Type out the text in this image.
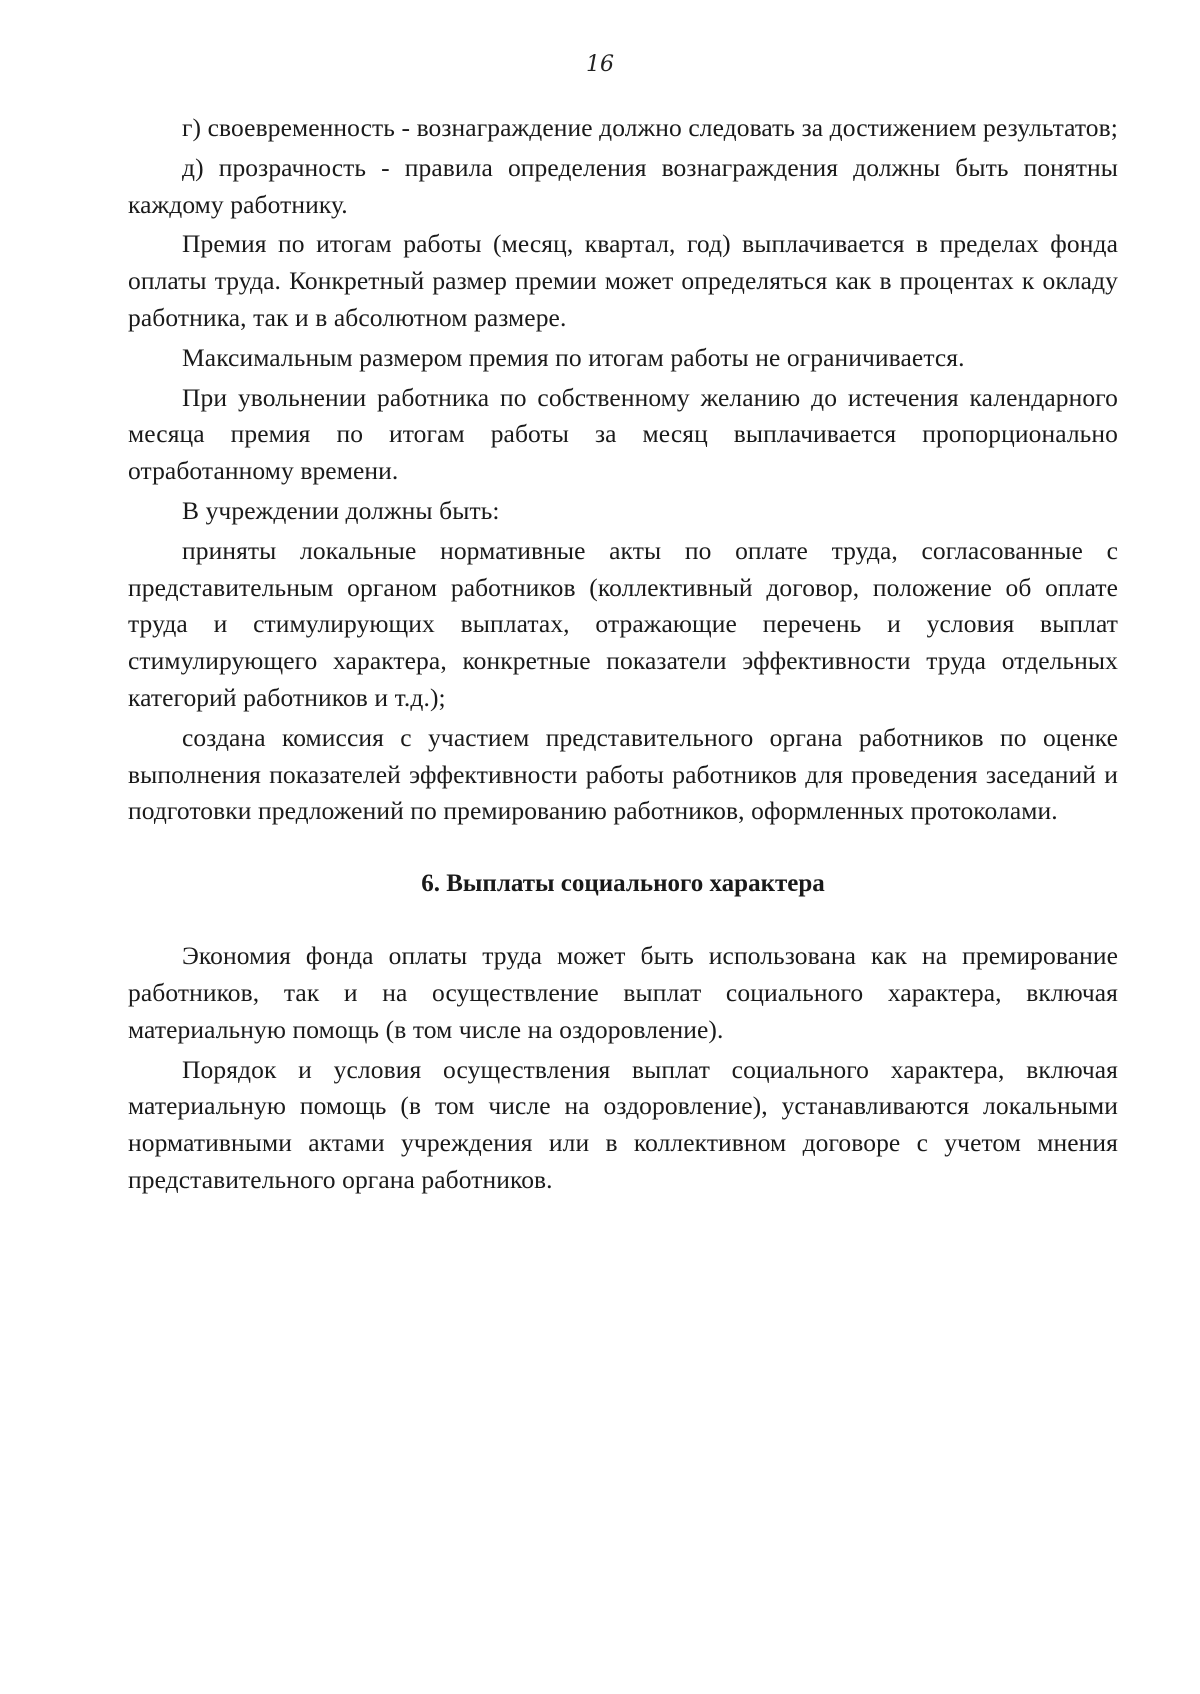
16

г) своевременность - вознаграждение должно следовать за достижением результатов;

д) прозрачность - правила определения вознаграждения должны быть понятны каждому работнику.

Премия по итогам работы (месяц, квартал, год) выплачивается в пределах фонда оплаты труда. Конкретный размер премии может определяться как в процентах к окладу работника, так и в абсолютном размере.

Максимальным размером премия по итогам работы не ограничивается.

При увольнении работника по собственному желанию до истечения календарного месяца премия по итогам работы за месяц выплачивается пропорционально отработанному времени.

В учреждении должны быть:

приняты локальные нормативные акты по оплате труда, согласованные с представительным органом работников (коллективный договор, положение об оплате труда и стимулирующих выплатах, отражающие перечень и условия выплат стимулирующего характера, конкретные показатели эффективности труда отдельных категорий работников и т.д.);

создана комиссия с участием представительного органа работников по оценке выполнения показателей эффективности работы работников для проведения заседаний и подготовки предложений по премированию работников, оформленных протоколами.

6. Выплаты социального характера

Экономия фонда оплаты труда может быть использована как на премирование работников, так и на осуществление выплат социального характера, включая материальную помощь (в том числе на оздоровление).

Порядок и условия осуществления выплат социального характера, включая материальную помощь (в том числе на оздоровление), устанавливаются локальными нормативными актами учреждения или в коллективном договоре с учетом мнения представительного органа работников.
